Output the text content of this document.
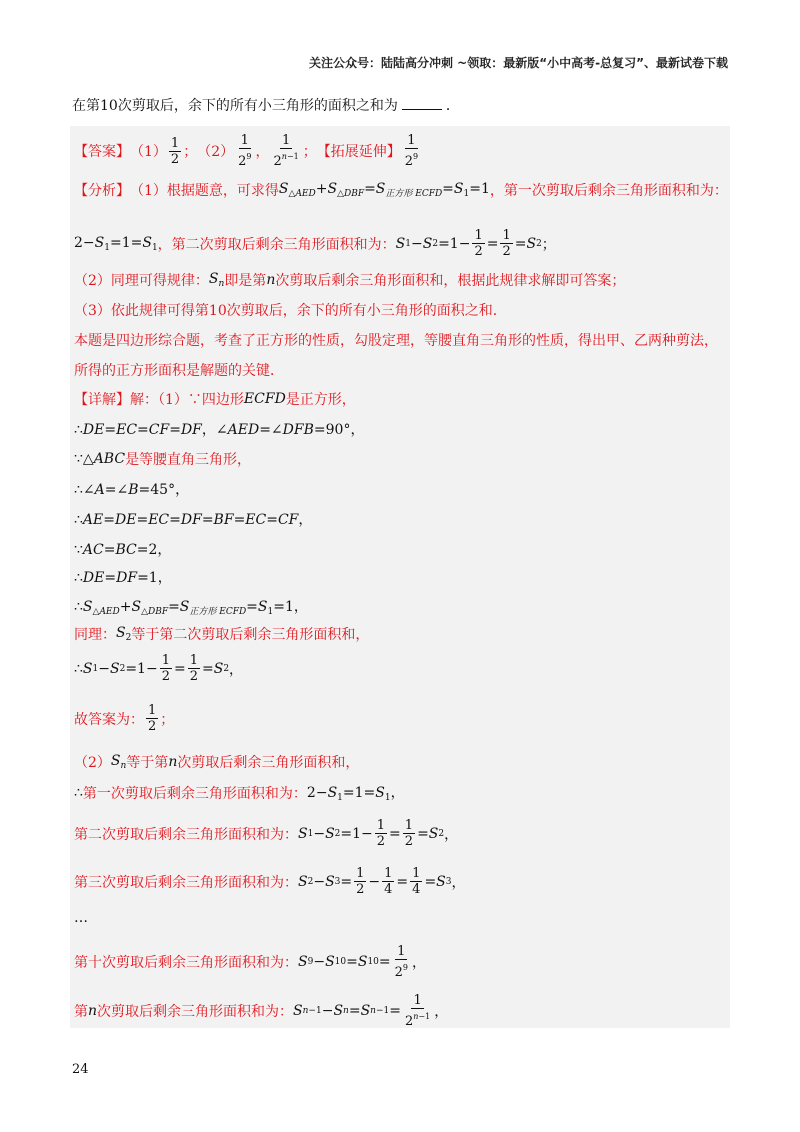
关注公众号：陆陆高分冲刺 ~领取：最新版“小中高考-总复习”、最新试卷下载
在第10次剪取后，余下的所有小三角形的面积之和为	．
【答案】 $(1) \frac{1}{2}$ ； $(2) \frac{1}{2^9}$ ， $\frac{1}{2^{n-1}}$ ； 【拓展延伸】 $\frac{1}{2^9}$
【分析】 （1）根据题意，可求得 $S_{\triangle AED}+S_{\triangle DBF}=S_{正方形 ECFD}=S_1=1$ ，第一次剪取后剩余三角形面积和为：
$2-S_1=1=S_1$ ，第二次剪取后剩余三角形面积和为： S 1 − S $2 =1- \frac{1}{2} = \frac{1}{2} = S$ 2 ；
（2）同理可得规律： $S_n$ 即是第 n 次剪取后剩余三角形面积和，根据此规律求解即可答案；
（3）依此规律可得第10次剪取后，余下的所有小三角形的面积之和．
本题是四边形综合题，考查了正方形的性质，勾股定理，等腰直角三角形的性质，得出甲、乙两种剪法，
所得的正方形面积是解题的关键．
【详解】 解：（1）∵四边形 ECFD 是正方形，
∴DE=EC=CF=DF，∠AED=∠DFB=90°，
∵△ABC 是等腰直角三角形，
∴∠A=∠B=45°，
∴AE=DE=EC=DF=BF=EC=CF，
∵AC=BC=2，
∴DE=DF=1，
$\therefore S_{\triangle AED}+S_{\triangle DBF}=S_{正方形 ECFD}=S_1=1$，
同理： $S_2$ 等于第二次剪取后剩余三角形面积和，
∴ S 1 − S $2 =1- \frac{1}{2} = \frac{1}{2} = S$ 2 ，
故答案为： $\frac{1}{2}$ ；
（2） $S_n$ 等于第 n 次剪取后剩余三角形面积和，
∴ 第一次剪取后剩余三角形面积和为： $2-S_1=1=S_1$，
第二次剪取后剩余三角形面积和为： S 1 − S $2 =1- \frac{1}{2} = \frac{1}{2} = S$ 2 ，
第三次剪取后剩余三角形面积和为： S 2 − S $3 = \frac{1}{2} - \frac{1}{4} = \frac{1}{4} = S$ 3 ，
…
第十次剪取后剩余三角形面积和为： S 9 − S 10 = S $10 = \frac{1}{2^9}$ ，
第 n 次剪取后剩余三角形面积和为： S n−1 − S n = S $n-1 = \frac{1}{2^{n-1}}$ ，
24
